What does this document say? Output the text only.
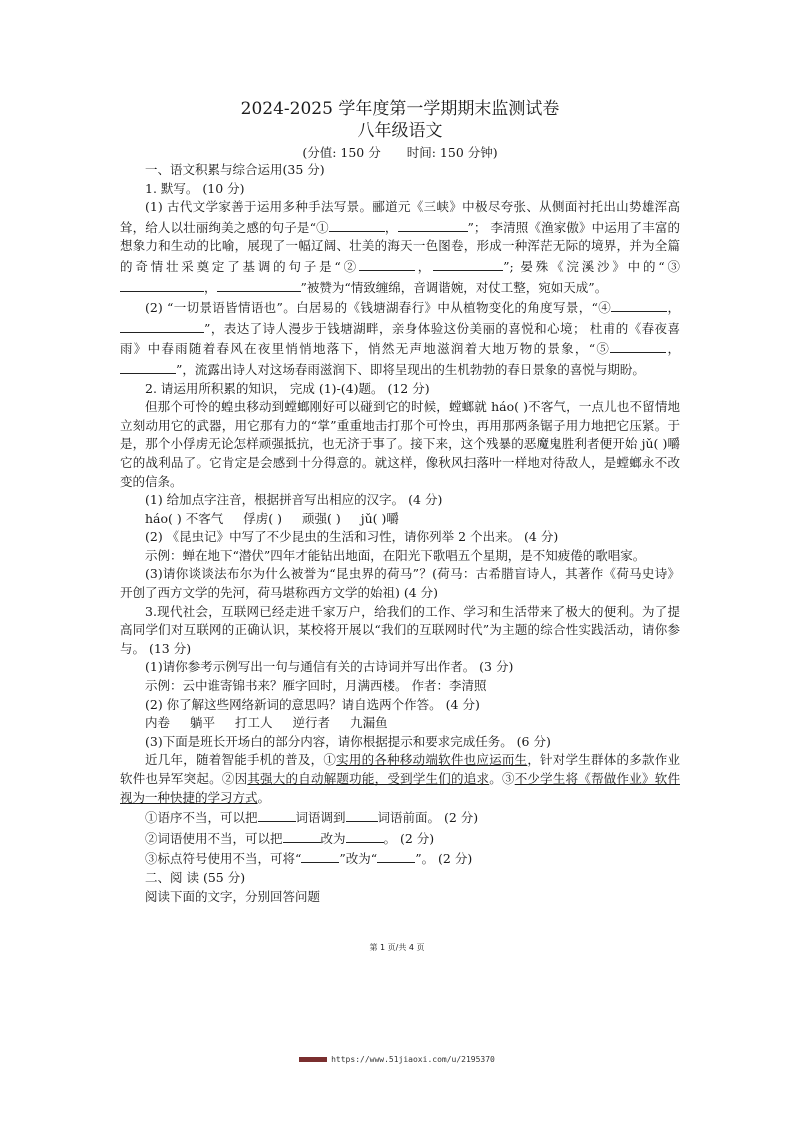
2024-2025 学年度第一学期期末监测试卷
八年级语文
(分值: 150 分 时间: 150 分钟)

一、语文积累与综合运用(35 分)

1. 默写。 (10 分)

(1) 古代文学家善于运用多种手法写景。郦道元《三峡》中极尽夸张、从侧面衬托出山势雄浑高耸，给人以壮丽绚美之感的句子是“①	，	”； 李清照《渔家傲》中运用了丰富的想象力和生动的比喻，展现了一幅辽阔、壮美的海天一色图卷，形成一种浑茫无际的境界，并为全篇的奇情壮采奠定了基调的句子是“②	，	”; 晏殊《浣溪沙》中的“③，	”被赞为“情致缠绵，音调谐婉，对仗工整，宛如天成”。

(2) “一切景语皆情语也”。白居易的《钱塘湖春行》中从植物变化的角度写景，“④	，”，表达了诗人漫步于钱塘湖畔，亲身体验这份美丽的喜悦和心境； 杜甫的《春夜喜雨》中春雨随着春风在夜里悄悄地落下，悄然无声地滋润着大地万物的景象，“⑤	，”，流露出诗人对这场春雨滋润下、即将呈现出的生机勃勃的春日景象的喜悦与期盼。

2. 请运用所积累的知识， 完成 (1)-(4)题。 (12 分)

但那个可怜的蝗虫移动到螳螂刚好可以碰到它的时候，螳螂就 háo( )不客气，一点儿也不留情地立刻动用它的武器，用它那有力的“掌”重重地击打那个可怜虫，再用那两条锯子用力地把它压紧。于是，那个小俘虏无论怎样顽强抵抗，也无济于事了。接下来，这个残暴的恶魔鬼胜利者便开始 jǔ( )嚼它的战利品了。它肯定是会感到十分得意的。就这样，像秋风扫落叶一样地对待敌人，是螳螂永不改变的信条。

(1) 给加点字注音，根据拼音写出相应的汉字。 (4 分)

háo( ) 不客气 俘虏( ) 顽强( ) jǔ( )嚼

(2) 《昆虫记》中写了不少昆虫的生活和习性，请你列举 2 个出来。 (4 分)

示例：蝉在地下“潜伏”四年才能钻出地面，在阳光下歌唱五个星期，是不知疲倦的歌唱家。

(3)请你谈谈法布尔为什么被誉为“昆虫界的荷马”？(荷马：古希腊盲诗人，其著作《荷马史诗》开创了西方文学的先河，荷马堪称西方文学的始祖) (4 分)

3.现代社会，互联网已经走进千家万户，给我们的工作、学习和生活带来了极大的便利。为了提高同学们对互联网的正确认识，某校将开展以“我们的互联网时代”为主题的综合性实践活动，请你参与。 (13 分)

(1)请你参考示例写出一句与通信有关的古诗词并写出作者。 (3 分)

示例：云中谁寄锦书来？雁字回时，月满西楼。 作者：李清照

(2) 你了解这些网络新词的意思吗？请自选两个作答。 (4 分)

内卷 躺平 打工人 逆行者 九漏鱼

(3)下面是班长开场白的部分内容，请你根据提示和要求完成任务。 (6 分)

近几年，随着智能手机的普及，①实用的各种移动端软件也应运而生，针对学生群体的多款作业软件也异军突起。②因其强大的自动解题功能，受到学生们的追求。③不少学生将《帮做作业》软件视为一种快捷的学习方式。

①语序不当，可以把	词语调到	词语前面。 (2 分)

②词语使用不当，可以把	改为	。 (2 分)

③标点符号使用不当，可将“	”改为“	”。 (2 分)

二、阅 读 (55 分)

阅读下面的文字，分别回答问题

第 1 页/共 4 页
https://www.51jiaoxi.com/u/2195370
